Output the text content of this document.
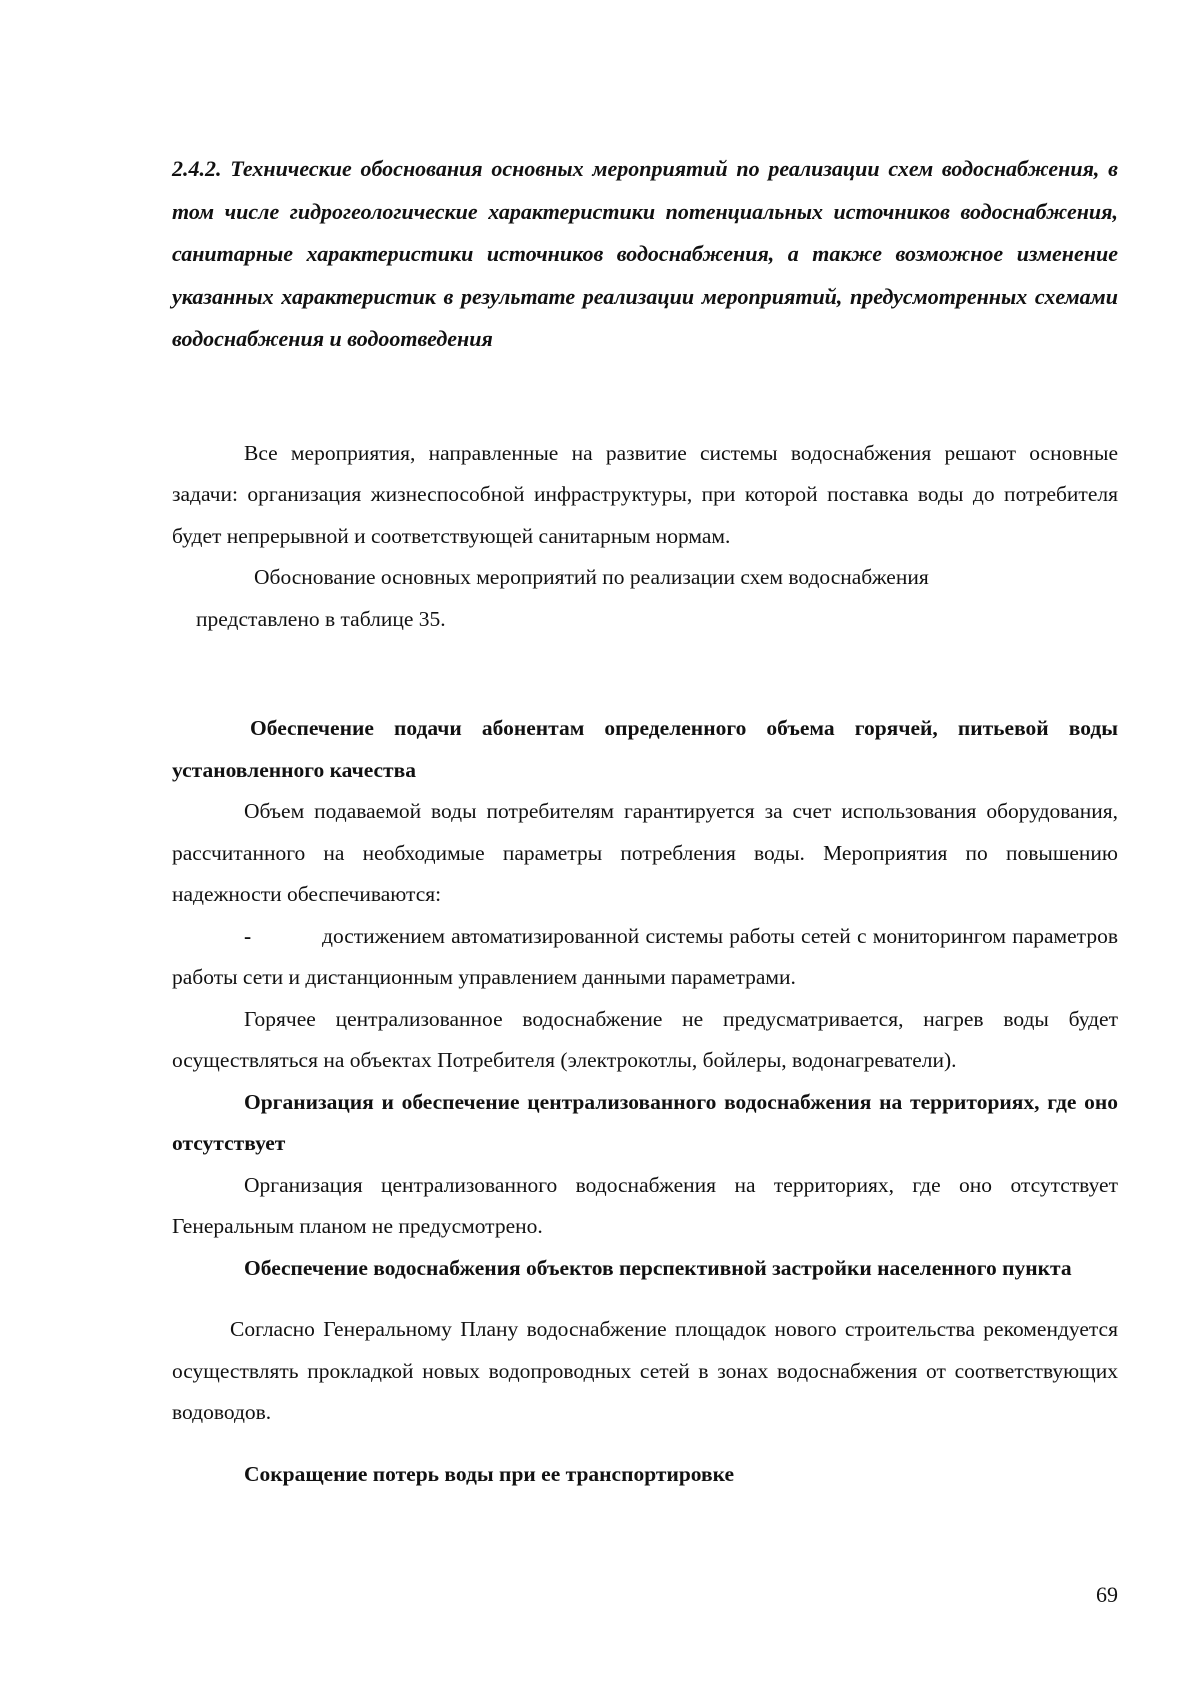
2.4.2. Технические обоснования основных мероприятий по реализации схем водоснабжения, в том числе гидрогеологические характеристики потенциальных источников водоснабжения, санитарные характеристики источников водоснабжения, а также возможное изменение указанных характеристик в результате реализации мероприятий, предусмотренных схемами водоснабжения и водоотведения

Все мероприятия, направленные на развитие системы водоснабжения решают основные задачи: организация жизнеспособной инфраструктуры, при которой поставка воды до потребителя будет непрерывной и соответствующей санитарным нормам.

Обоснование основных мероприятий по реализации схем водоснабжения

представлено в таблице 35.

Обеспечение подачи абонентам определенного объема горячей, питьевой воды установленного качества

Объем подаваемой воды потребителям гарантируется за счет использования оборудования, рассчитанного на необходимые параметры потребления воды. Мероприятия по повышению надежности обеспечиваются:

-	достижением автоматизированной системы работы сетей с мониторингом параметров работы сети и дистанционным управлением данными параметрами.

Горячее централизованное водоснабжение не предусматривается, нагрев воды будет осуществляться на объектах Потребителя (электрокотлы, бойлеры, водонагреватели).

Организация и обеспечение централизованного водоснабжения на территориях, где оно отсутствует

Организация централизованного водоснабжения на территориях, где оно отсутствует Генеральным планом не предусмотрено.

Обеспечение водоснабжения объектов перспективной застройки населенного пункта

Согласно Генеральному Плану водоснабжение площадок нового строительства рекомендуется осуществлять прокладкой новых водопроводных сетей в зонах водоснабжения от соответствующих водоводов.

Сокращение потерь воды при ее транспортировке

69
